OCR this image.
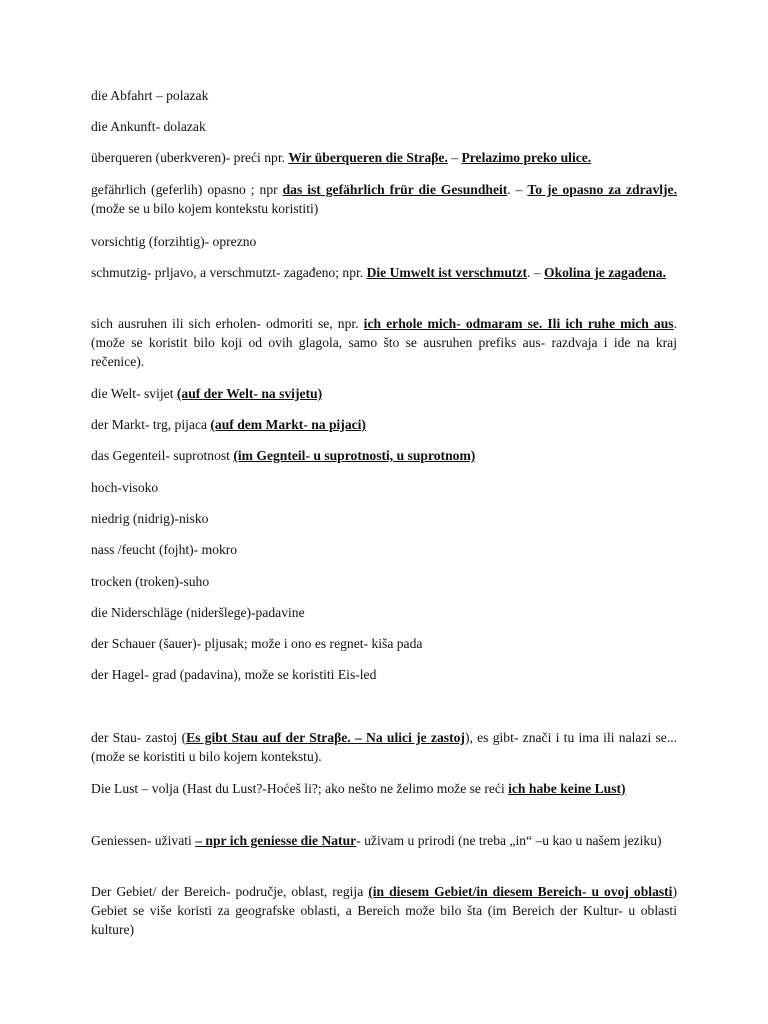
die Abfahrt – polazak

die Ankunft- dolazak

überqueren (uberkveren)- preći npr. Wir überqueren die Straβe. – Prelazimo preko ulice.

gefährlich (geferlih) opasno ; npr das ist gefährlich frür die Gesundheit. – To je opasno za zdravlje. (može se u bilo kojem kontekstu koristiti)

vorsichtig (forzihtig)- oprezno

schmutzig- prljavo, a verschmutzt- zagađeno; npr. Die Umwelt ist verschmutzt. – Okolina je zagađena.

sich ausruhen ili sich erholen- odmoriti se, npr. ich erhole mich- odmaram se. Ili ich ruhe mich aus. (može se koristit bilo koji od ovih glagola, samo što se ausruhen prefiks aus- razdvaja i ide na kraj rečenice).

die Welt- svijet (auf der Welt- na svijetu)

der Markt- trg, pijaca (auf dem Markt- na pijaci)

das Gegenteil- suprotnost (im Gegnteil- u suprotnosti, u suprotnom)

hoch-visoko

niedrig (nidrig)-nisko

nass /feucht (fojht)- mokro

trocken (troken)-suho

die Niderschläge (nideršlege)-padavine

der Schauer (šauer)- pljusak; može i ono es regnet- kiša pada

der Hagel- grad (padavina), može se koristiti Eis-led

der Stau- zastoj (Es gibt Stau auf der Straβe. – Na ulici je zastoj), es gibt- znači i tu ima ili nalazi se... (može se koristiti u bilo kojem kontekstu).

Die Lust – volja (Hast du Lust?-Hoćeš li?; ako nešto ne želimo može se reći ich habe keine Lust)

Geniessen- uživati – npr ich geniesse die Natur- uživam u prirodi (ne treba „in“ –u kao u našem jeziku)

Der Gebiet/ der Bereich- područje, oblast, regija (in diesem Gebiet/in diesem Bereich- u ovoj oblasti) Gebiet se više koristi za geografske oblasti, a Bereich može bilo šta (im Bereich der Kultur- u oblasti kulture)
